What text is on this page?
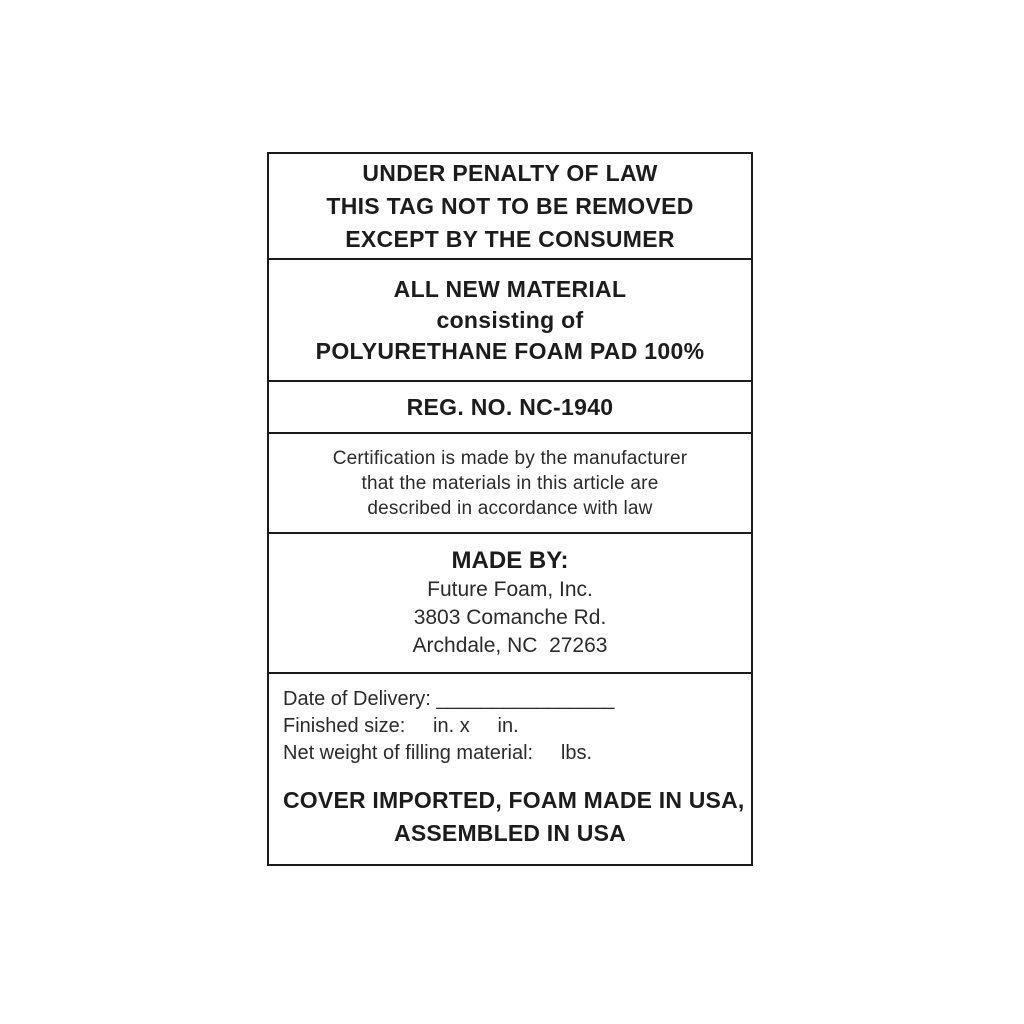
UNDER PENALTY OF LAW
THIS TAG NOT TO BE REMOVED
EXCEPT BY THE CONSUMER
ALL NEW MATERIAL
consisting of
POLYURETHANE FOAM PAD 100%
REG. NO. NC-1940
Certification is made by the manufacturer
that the materials in this article are
described in accordance with law
MADE BY:
Future Foam, Inc.
3803 Comanche Rd.
Archdale, NC  27263
Date of Delivery: ________________
Finished size:     in. x     in.
Net weight of filling material:     lbs.
COVER IMPORTED, FOAM MADE IN USA,
ASSEMBLED IN USA
